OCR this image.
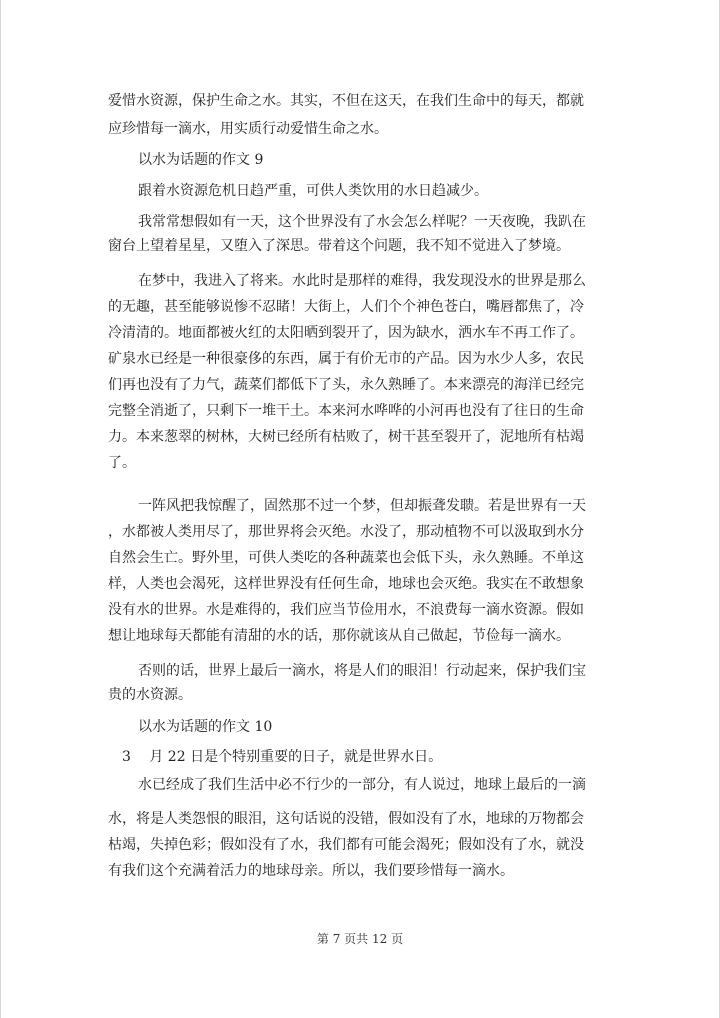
爱惜水资源，保护生命之水。其实，不但在这天，在我们生命中的每天，都就
应珍惜每一滴水，用实质行动爱惜生命之水。
以水为话题的作文 9
跟着水资源危机日趋严重，可供人类饮用的水日趋减少。
我常常想假如有一天，这个世界没有了水会怎么样呢？一天夜晚，我趴在
窗台上望着星星，又堕入了深思。带着这个问题，我不知不觉进入了梦境。
在梦中，我进入了将来。水此时是那样的难得，我发现没水的世界是那么
的无趣，甚至能够说惨不忍睹！大街上，人们个个神色苍白，嘴唇都焦了，冷
冷清清的。地面都被火红的太阳晒到裂开了，因为缺水，洒水车不再工作了。
矿泉水已经是一种很豪侈的东西，属于有价无市的产品。因为水少人多，农民
们再也没有了力气，蔬菜们都低下了头，永久熟睡了。本来漂亮的海洋已经完
完整全消逝了，只剩下一堆干土。本来河水哗哗的小河再也没有了往日的生命
力。本来葱翠的树林，大树已经所有枯败了，树干甚至裂开了，泥地所有枯竭
了。
一阵风把我惊醒了，固然那不过一个梦，但却振聋发聩。若是世界有一天
，水都被人类用尽了，那世界将会灭绝。水没了，那动植物不可以汲取到水分
自然会生亡。野外里，可供人类吃的各种蔬菜也会低下头，永久熟睡。不单这
样，人类也会渴死，这样世界没有任何生命，地球也会灭绝。我实在不敢想象
没有水的世界。水是难得的，我们应当节俭用水，不浪费每一滴水资源。假如
想让地球每天都能有清甜的水的话，那你就该从自己做起，节俭每一滴水。
否则的话，世界上最后一滴水，将是人们的眼泪！行动起来，保护我们宝
贵的水资源。
以水为话题的作文 10
3　 月 22 日是个特别重要的日子，就是世界水日。
水已经成了我们生活中必不行少的一部分，有人说过，地球上最后的一滴
水，将是人类怨恨的眼泪，这句话说的没错，假如没有了水，地球的万物都会
枯竭，失掉色彩；假如没有了水，我们都有可能会渴死；假如没有了水，就没
有我们这个充满着活力的地球母亲。所以，我们要珍惜每一滴水。
第 7 页共 12 页
